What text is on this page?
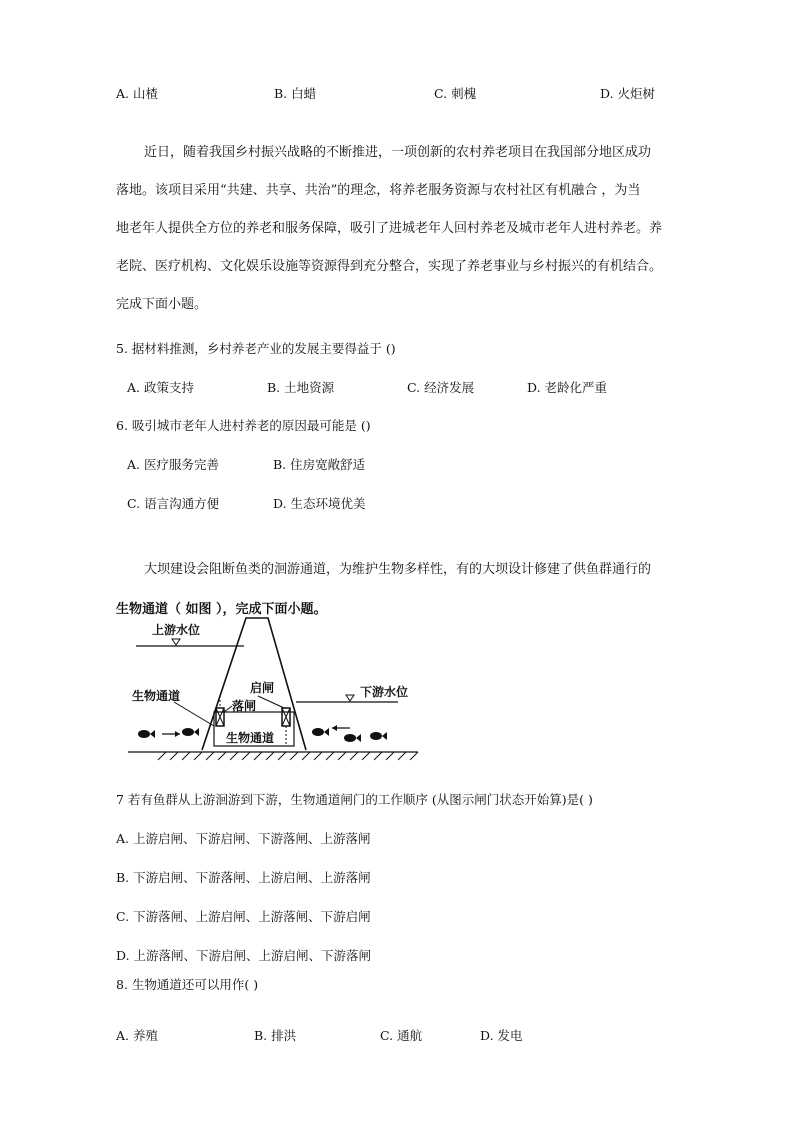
A. 山楂	B. 白蜡	C. 刺槐	D. 火炬树
近日，随着我国乡村振兴战略的不断推进，一项创新的农村养老项目在我国部分地区成功
落地。该项目采用“共建、共享、共治”的理念，将养老服务资源与农村社区有机融合 ，为当
地老年人提供全方位的养老和服务保障，吸引了进城老年人回村养老及城市老年人进村养老。养
老院、医疗机构、文化娱乐设施等资源得到充分整合，实现了养老事业与乡村振兴的有机结合。
完成下面小题。
5. 据材料推测，乡村养老产业的发展主要得益于 ()
A. 政策支持	B. 土地资源	C. 经济发展	D. 老龄化严重
6. 吸引城市老年人进村养老的原因最可能是 ()
A. 医疗服务完善	B. 住房宽敞舒适
C. 语言沟通方便	D. 生态环境优美
大坝建设会阻断鱼类的洄游通道，为维护生物多样性，有的大坝设计修建了供鱼群通行的
生物通道（ 如图 ），完成下面小题。
上游水位
下游水位
生物通道
启闸
落闸
生物通道
7 若有鱼群从上游洄游到下游，生物通道闸门的工作顺序 (从图示闸门状态开始算)是( )
A. 上游启闸、下游启闸、下游落闸、上游落闸
B. 下游启闸、下游落闸、上游启闸、上游落闸
C. 下游落闸、上游启闸、上游落闸、下游启闸
D. 上游落闸、下游启闸、上游启闸、下游落闸
8. 生物通道还可以用作( )
A. 养殖	B. 排洪	C. 通航	D. 发电
